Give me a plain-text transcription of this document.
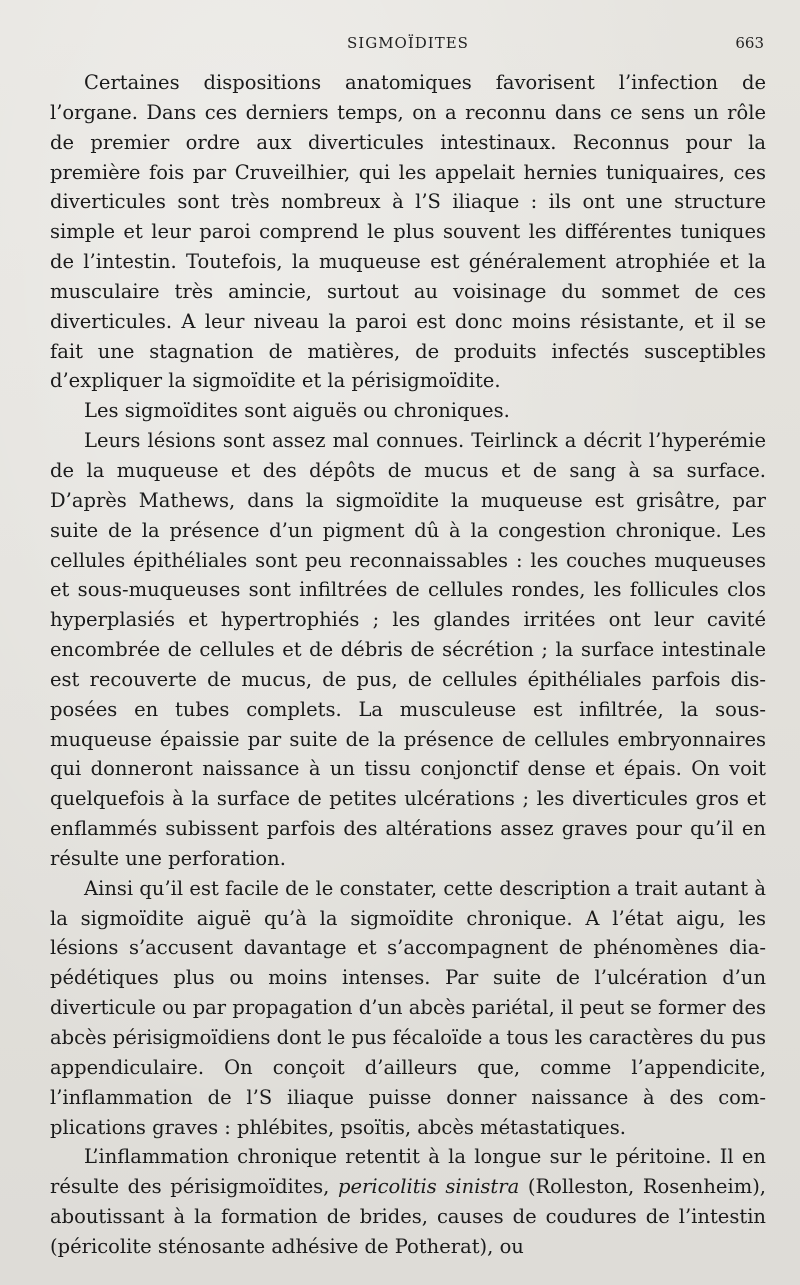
SIGMOÏDITES	663

Certaines dispositions anatomiques favorisent l’infection de l’organe. Dans ces derniers temps, on a reconnu dans ce sens un rôle de premier ordre aux diverticules intestinaux. Reconnus pour la première fois par Cruveilhier, qui les appelait hernies tuniquaires, ces diverticules sont très nombreux à l’S iliaque : ils ont une structure simple et leur paroi comprend le plus souvent les différentes tuniques de l’intestin. Toutefois, la muqueuse est généralement atrophiée et la musculaire très amincie, surtout au voisinage du sommet de ces diverticules. A leur niveau la paroi est donc moins résistante, et il se fait une stagnation de matières, de produits infectés susceptibles d’expliquer la sigmoïdite et la périsigmoïdite.

Les sigmoïdites sont aiguës ou chroniques.

Leurs lésions sont assez mal connues. Teirlinck a décrit l’hyperémie de la muqueuse et des dépôts de mucus et de sang à sa surface. D’après Mathews, dans la sigmoïdite la muqueuse est grisâtre, par suite de la présence d’un pigment dû à la congestion chronique. Les cellules épithéliales sont peu reconnaissables : les couches muqueuses et sous-muqueuses sont infiltrées de cellules rondes, les follicules clos hyperplasiés et hypertrophiés ; les glandes irritées ont leur cavité encombrée de cellules et de débris de sécrétion ; la surface intestinale est recouverte de mucus, de pus, de cellules épithéliales parfois disposées en tubes complets. La musculeuse est infiltrée, la sous-muqueuse épaissie par suite de la présence de cellules embryonnaires qui donneront naissance à un tissu conjonctif dense et épais. On voit quelquefois à la surface de petites ulcérations ; les diverticules gros et enflammés subissent parfois des altérations assez graves pour qu’il en résulte une perforation.

Ainsi qu’il est facile de le constater, cette description a trait autant à la sigmoïdite aiguë qu’à la sigmoïdite chronique. A l’état aigu, les lésions s’accusent davantage et s’accompagnent de phénomènes diapédétiques plus ou moins intenses. Par suite de l’ulcération d’un diverticule ou par propagation d’un abcès pariétal, il peut se former des abcès périsigmoïdiens dont le pus fécaloïde a tous les caractères du pus appendiculaire. On conçoit d’ailleurs que, comme l’appendicite, l’inflammation de l’S iliaque puisse donner naissance à des complications graves : phlébites, psoïtis, abcès métastatiques.

L’inflammation chronique retentit à la longue sur le péritoine. Il en résulte des périsigmoïdites, pericolitis sinistra (Rolleston, Rosenheim), aboutissant à la formation de brides, causes de coudures de l’intestin (péricolite sténosante adhésive de Potherat), ou
